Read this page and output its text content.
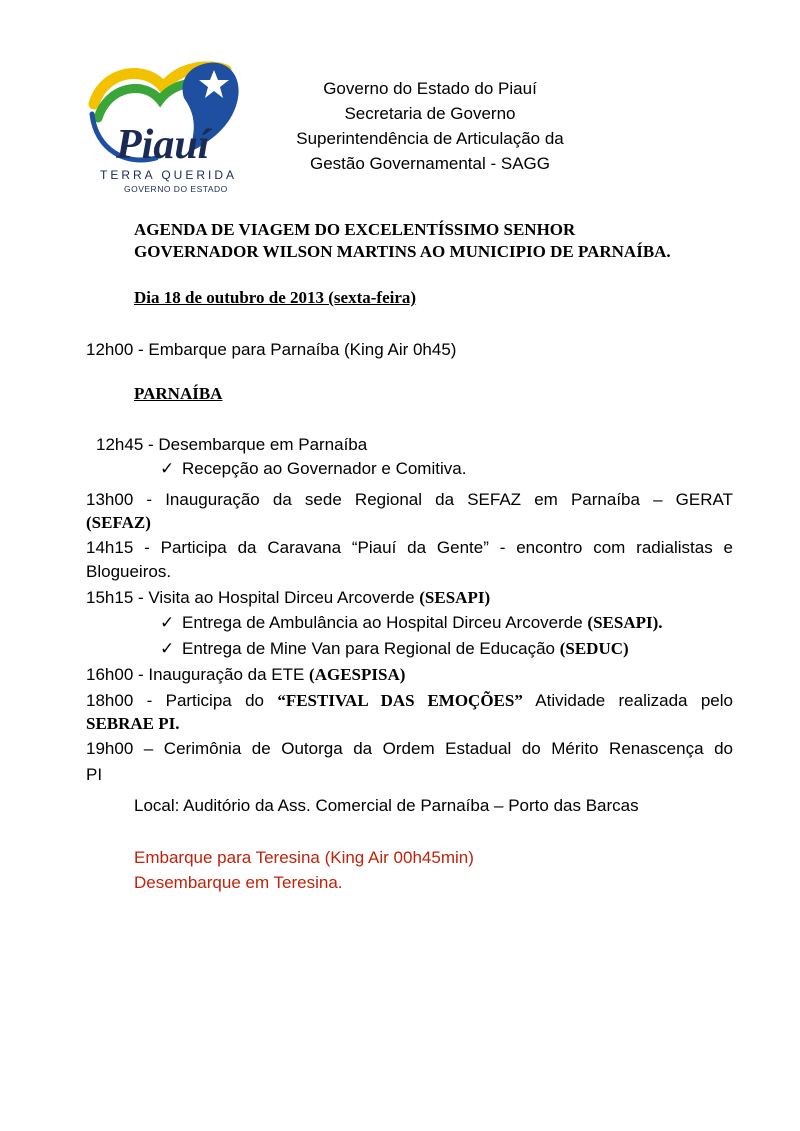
Piauí
TERRA QUERIDA
GOVERNO DO ESTADO
Governo do Estado do Piauí
Secretaria de Governo
Superintendência de Articulação da
Gestão Governamental - SAGG
AGENDA DE VIAGEM DO EXCELENTÍSSIMO SENHOR
GOVERNADOR WILSON MARTINS AO MUNICIPIO DE PARNAÍBA.
Dia 18 de outubro de 2013 (sexta-feira)
12h00 - Embarque para Parnaíba (King Air 0h45)
PARNAÍBA
12h45 - Desembarque em Parnaíba
✓ Recepção ao Governador e Comitiva.
13h00 - Inauguração da sede Regional da SEFAZ em Parnaíba – GERAT
(SEFAZ)
14h15 - Participa da Caravana “Piauí da Gente” - encontro com radialistas e
Blogueiros.
15h15 - Visita ao Hospital Dirceu Arcoverde (SESAPI)
✓ Entrega de Ambulância ao Hospital Dirceu Arcoverde (SESAPI).
✓ Entrega de Mine Van para Regional de Educação (SEDUC)
16h00 - Inauguração da ETE (AGESPISA)
18h00 - Participa do “FESTIVAL DAS EMOÇÕES” Atividade realizada pelo
SEBRAE PI.
19h00 – Cerimônia de Outorga da Ordem Estadual do Mérito Renascença do
PI
Local: Auditório da Ass. Comercial de Parnaíba – Porto das Barcas
Embarque para Teresina (King Air 00h45min)
Desembarque em Teresina.
